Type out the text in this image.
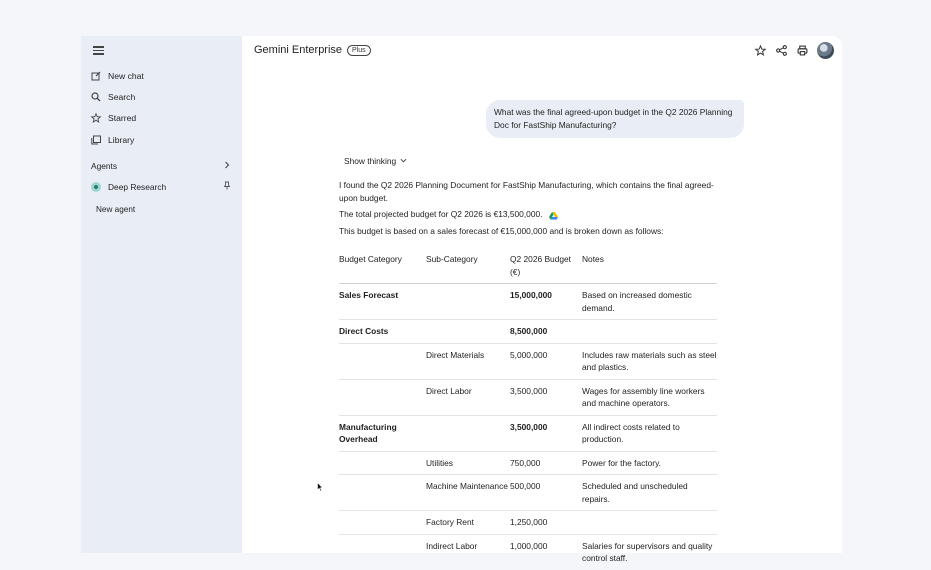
New chat
Search
Starred
Library
Agents
Deep Research
New agent
Gemini Enterprise	Plus
What was the final agreed-upon budget in the Q2 2026 Planning Doc for FastShip Manufacturing?
Show thinking

I found the Q2 2026 Planning Document for FastShip Manufacturing, which contains the final agreed-upon budget.

The total projected budget for Q2 2026 is €13,500,000.

This budget is based on a sales forecast of €15,000,000 and is broken down as follows:

Budget Category	Sub-Category	Q2 2026 Budget (€)	Notes
Sales Forecast		15,000,000	Based on increased domestic demand.
Direct Costs		8,500,000	
	Direct Materials	5,000,000	Includes raw materials such as steel and plastics.
	Direct Labor	3,500,000	Wages for assembly line workers and machine operators.
Manufacturing Overhead		3,500,000	All indirect costs related to production.
	Utilities	750,000	Power for the factory.
	Machine Maintenance	500,000	Scheduled and unscheduled repairs.
	Factory Rent	1,250,000	
	Indirect Labor	1,000,000	Salaries for supervisors and quality control staff.
